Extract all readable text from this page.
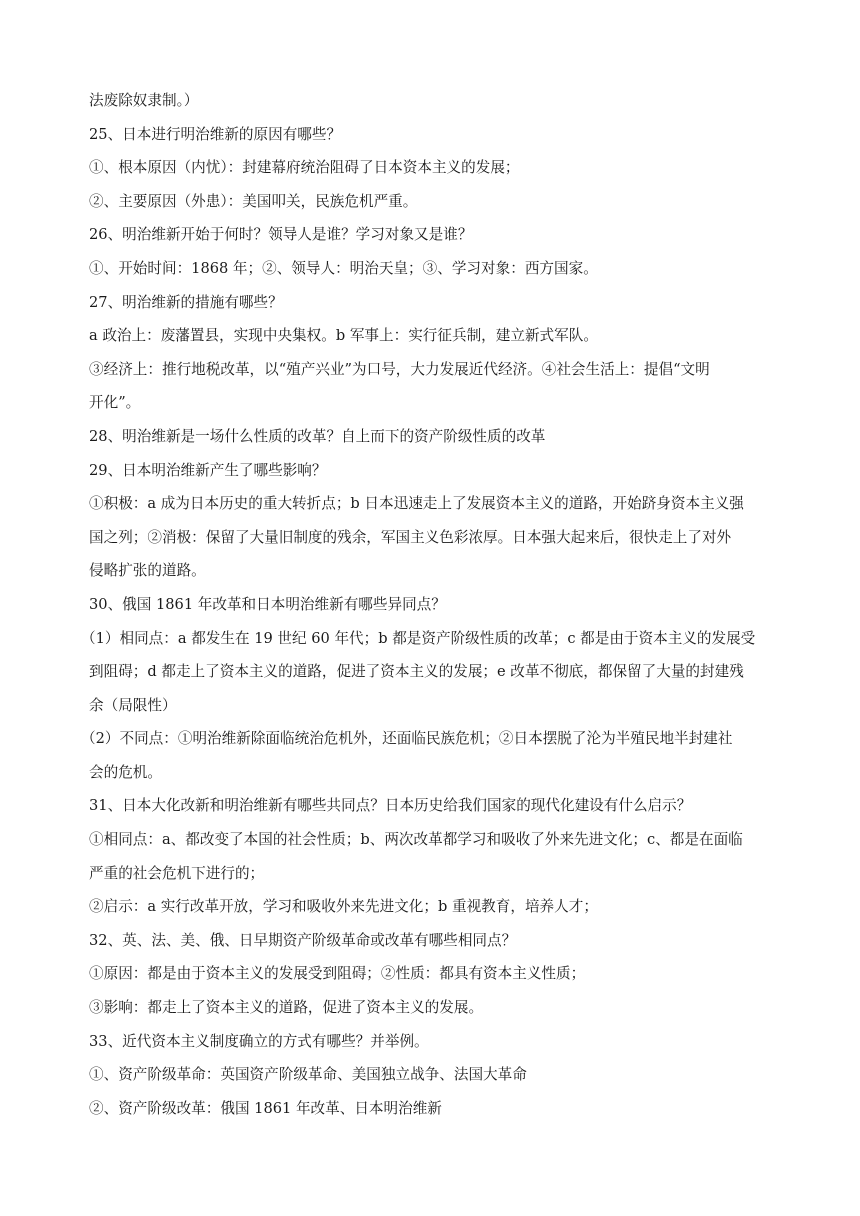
法废除奴隶制。）
25、日本进行明治维新的原因有哪些？
①、根本原因（内忧）：封建幕府统治阻碍了日本资本主义的发展；
②、主要原因（外患）：美国叩关，民族危机严重。
26、明治维新开始于何时？领导人是谁？学习对象又是谁？
①、开始时间：1868 年；②、领导人：明治天皇；③、学习对象：西方国家。
27、明治维新的措施有哪些？
a 政治上：废藩置县，实现中央集权。b 军事上：实行征兵制，建立新式军队。
③经济上：推行地税改革，以“殖产兴业”为口号，大力发展近代经济。④社会生活上：提倡“文明
开化”。
28、明治维新是一场什么性质的改革？自上而下的资产阶级性质的改革
29、日本明治维新产生了哪些影响？
①积极：a 成为日本历史的重大转折点；b 日本迅速走上了发展资本主义的道路，开始跻身资本主义强
国之列；②消极：保留了大量旧制度的残余，军国主义色彩浓厚。日本强大起来后，很快走上了对外
侵略扩张的道路。
30、俄国 1861 年改革和日本明治维新有哪些异同点？
（1）相同点：a 都发生在 19 世纪 60 年代；b 都是资产阶级性质的改革；c 都是由于资本主义的发展受
到阻碍；d 都走上了资本主义的道路，促进了资本主义的发展；e 改革不彻底，都保留了大量的封建残
余（局限性）
（2）不同点：①明治维新除面临统治危机外，还面临民族危机；②日本摆脱了沦为半殖民地半封建社
会的危机。
31、日本大化改新和明治维新有哪些共同点？日本历史给我们国家的现代化建设有什么启示？
①相同点：a、都改变了本国的社会性质；b、两次改革都学习和吸收了外来先进文化；c、都是在面临
严重的社会危机下进行的；
②启示：a 实行改革开放，学习和吸收外来先进文化；b 重视教育，培养人才；
32、英、法、美、俄、日早期资产阶级革命或改革有哪些相同点？
①原因：都是由于资本主义的发展受到阻碍；②性质：都具有资本主义性质；
③影响：都走上了资本主义的道路，促进了资本主义的发展。
33、近代资本主义制度确立的方式有哪些？并举例。
①、资产阶级革命：英国资产阶级革命、美国独立战争、法国大革命
②、资产阶级改革：俄国 1861 年改革、日本明治维新
